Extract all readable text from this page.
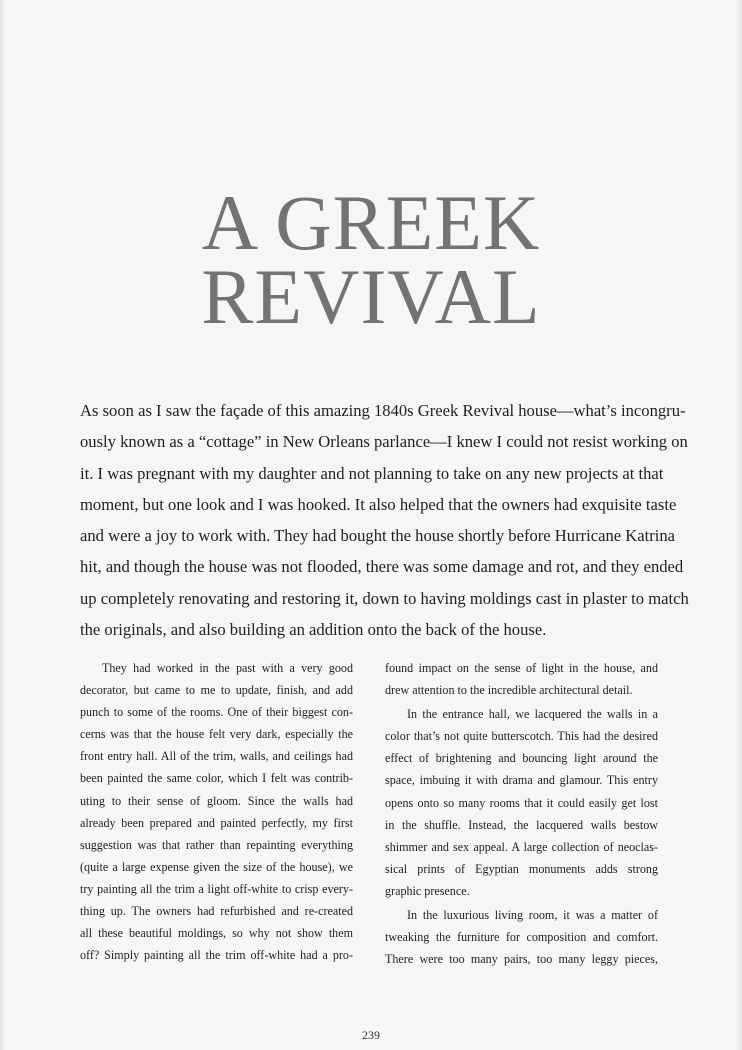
A GREEK
REVIVAL
As soon as I saw the façade of this amazing 1840s Greek Revival house—what’s incongru-
ously known as a “cottage” in New Orleans parlance—I knew I could not resist working on
it. I was pregnant with my daughter and not planning to take on any new projects at that
moment, but one look and I was hooked. It also helped that the owners had exquisite taste
and were a joy to work with. They had bought the house shortly before Hurricane Katrina
hit, and though the house was not flooded, there was some damage and rot, and they ended
up completely renovating and restoring it, down to having moldings cast in plaster to match
the originals, and also building an addition onto the back of the house.
They had worked in the past with a very good
decorator, but came to me to update, finish, and add
punch to some of the rooms. One of their biggest con-
cerns was that the house felt very dark, especially the
front entry hall. All of the trim, walls, and ceilings had
been painted the same color, which I felt was contrib-
uting to their sense of gloom. Since the walls had
already been prepared and painted perfectly, my first
suggestion was that rather than repainting everything
(quite a large expense given the size of the house), we
try painting all the trim a light off-white to crisp every-
thing up. The owners had refurbished and re-created
all these beautiful moldings, so why not show them
off? Simply painting all the trim off-white had a pro-
found impact on the sense of light in the house, and
drew attention to the incredible architectural detail.
In the entrance hall, we lacquered the walls in a
color that’s not quite butterscotch. This had the desired
effect of brightening and bouncing light around the
space, imbuing it with drama and glamour. This entry
opens onto so many rooms that it could easily get lost
in the shuffle. Instead, the lacquered walls bestow
shimmer and sex appeal. A large collection of neoclas-
sical prints of Egyptian monuments adds strong
graphic presence.
In the luxurious living room, it was a matter of
tweaking the furniture for composition and comfort.
There were too many pairs, too many leggy pieces,
239
